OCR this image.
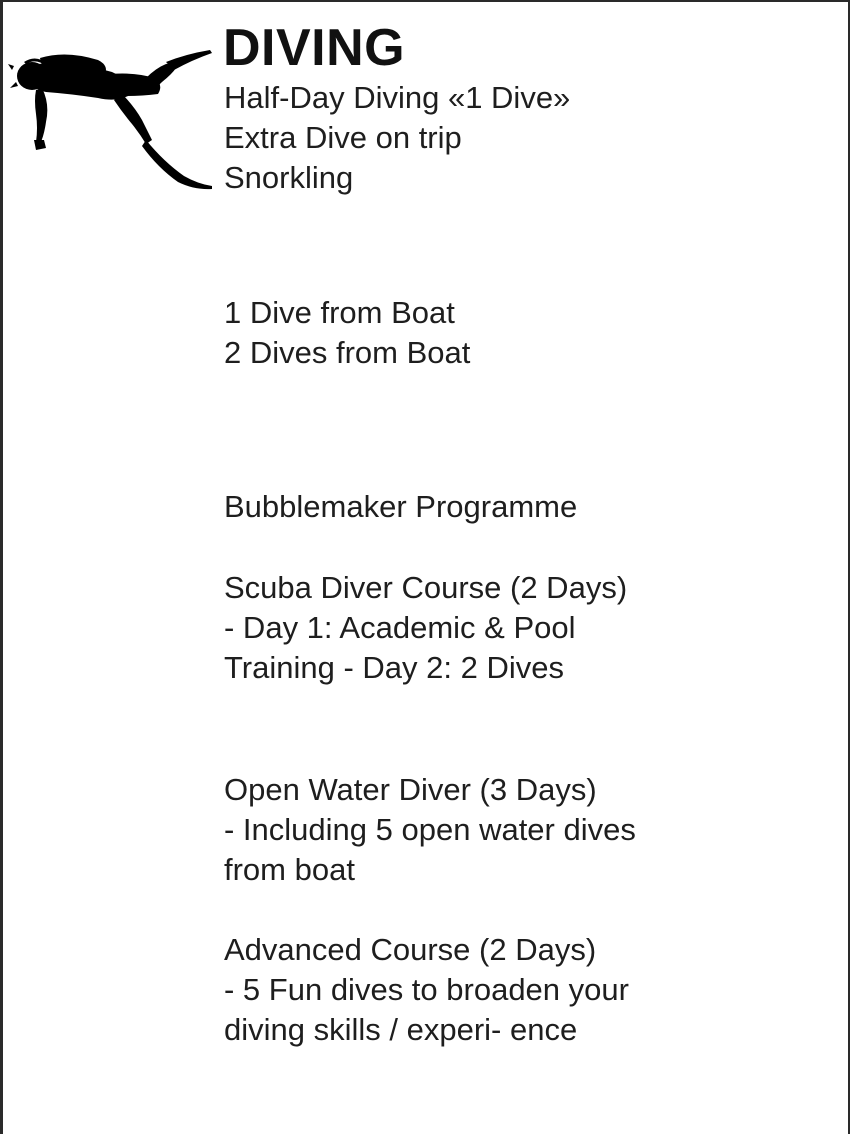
DIVING
Half-Day Diving «1 Dive»
Extra Dive on trip
Snorkling
1 Dive from Boat
2 Dives from Boat
Bubblemaker Programme
Scuba Diver Course (2 Days)
- Day 1: Academic & Pool Training - Day 2: 2 Dives
Open Water Diver (3 Days)
- Including 5 open water dives from boat
Advanced Course (2 Days)
- 5 Fun dives to broaden your diving skills / experi- ence
